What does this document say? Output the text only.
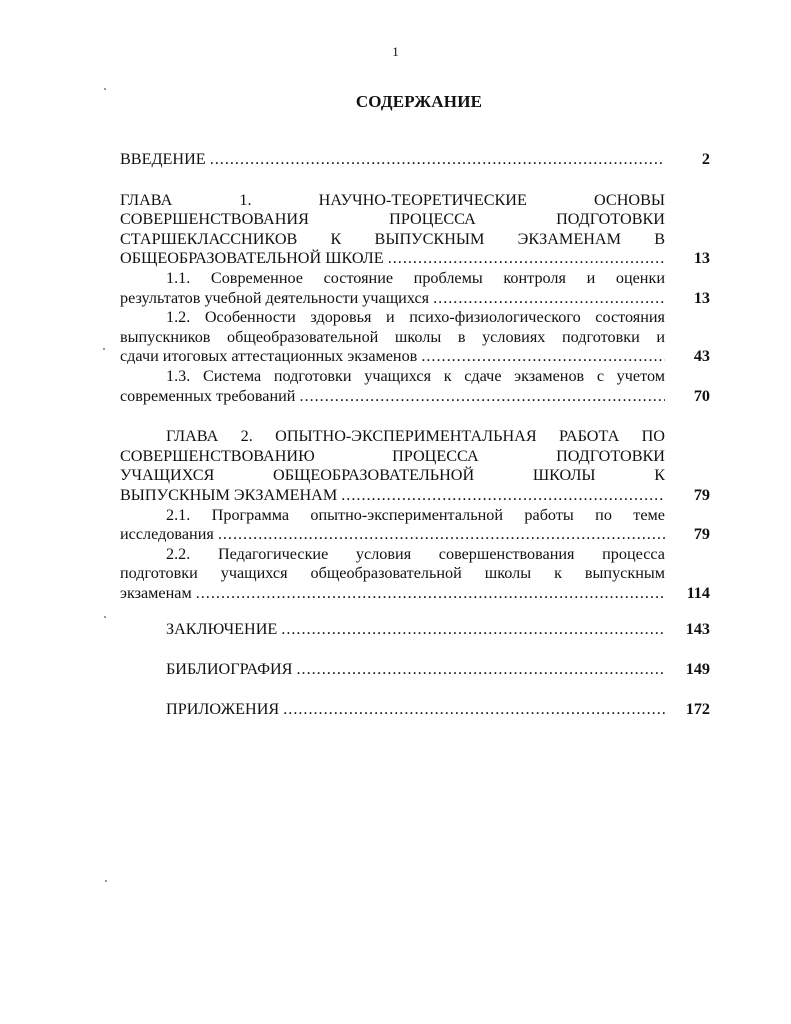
1
СОДЕРЖАНИЕ
ВВЕДЕНИЕ .....	2
ГЛАВА 1. НАУЧНО-ТЕОРЕТИЧЕСКИЕ ОСНОВЫ
СОВЕРШЕНСТВОВАНИЯ ПРОЦЕССА ПОДГОТОВКИ
СТАРШЕКЛАССНИКОВ К ВЫПУСКНЫМ ЭКЗАМЕНАМ В
ОБЩЕОБРАЗОВАТЕЛЬНОЙ ШКОЛЕ .....	13
1.1. Современное состояние проблемы контроля и оценки
результатов учебной деятельности учащихся .....	13
1.2. Особенности здоровья и психо-физиологического состояния
выпускников общеобразовательной школы в условиях подготовки и
сдачи итоговых аттестационных экзаменов .....	43
1.3. Система подготовки учащихся к сдаче экзаменов с учетом
современных требований .....	70
ГЛАВА 2. ОПЫТНО-ЭКСПЕРИМЕНТАЛЬНАЯ РАБОТА ПО
СОВЕРШЕНСТВОВАНИЮ ПРОЦЕССА ПОДГОТОВКИ
УЧАЩИХСЯ ОБЩЕОБРАЗОВАТЕЛЬНОЙ ШКОЛЫ К
ВЫПУСКНЫМ ЭКЗАМЕНАМ .....	79
2.1. Программа опытно-экспериментальной работы по теме
исследования .....	79
2.2. Педагогические условия совершенствования процесса
подготовки учащихся общеобразовательной школы к выпускным
экзаменам .....	114
ЗАКЛЮЧЕНИЕ .....	143
БИБЛИОГРАФИЯ .....	149
ПРИЛОЖЕНИЯ .....	172
